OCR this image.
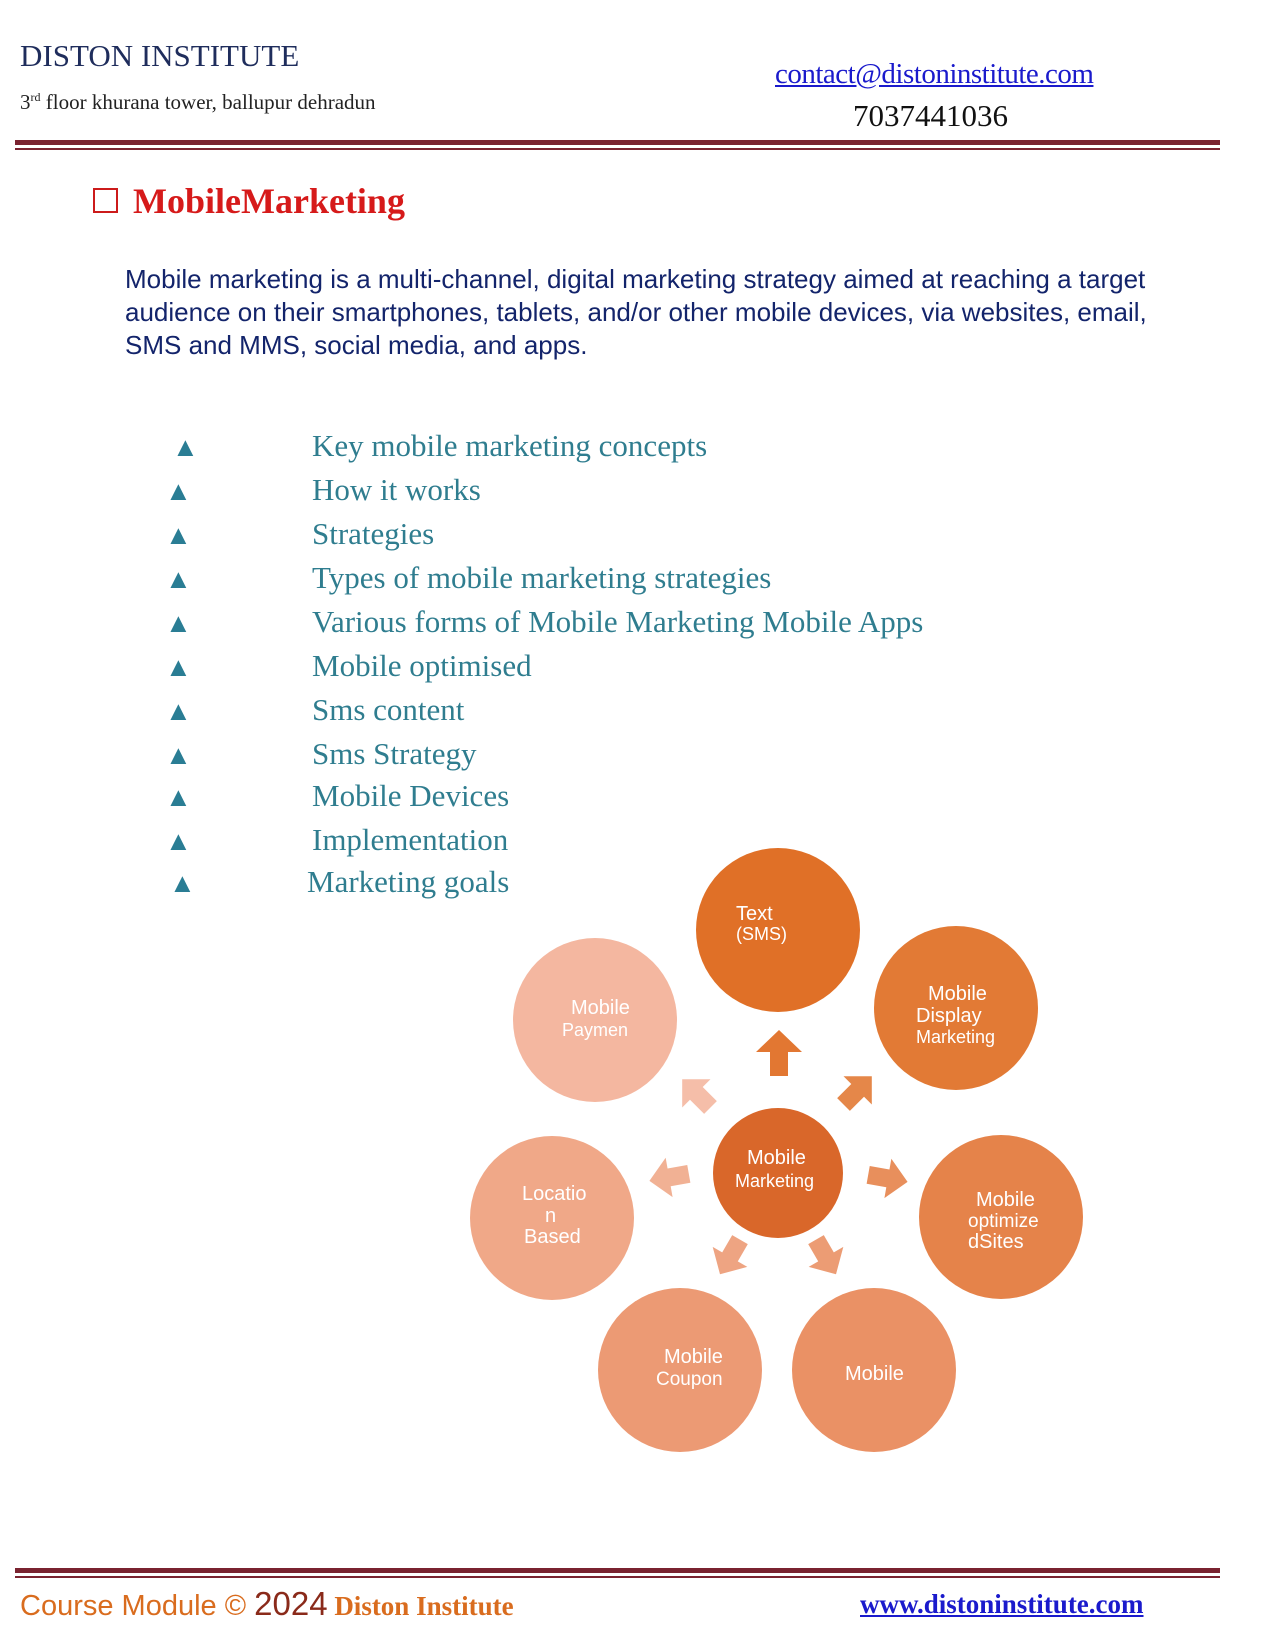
DISTON INSTITUTE
3rd floor khurana tower, ballupur dehradun
contact@distoninstitute.com
7037441036
MobileMarketing
Mobile marketing is a multi-channel, digital marketing strategy aimed at reaching a target audience on their smartphones, tablets, and/or other mobile devices, via websites, email, SMS and MMS, social media, and apps.
▲	Key mobile marketing concepts
▲	How it works
▲	Strategies
▲	Types of mobile marketing strategies
▲	Various forms of Mobile Marketing Mobile Apps
▲	Mobile optimised
▲	Sms content
▲	Sms Strategy
▲	Mobile Devices
▲	Implementation
▲	Marketing goals
Text
(SMS)
Mobile
Display
Marketing
Mobile
optimize
dSites
Mobile
Mobile
Coupon
Locatio
n
Based
Mobile
Paymen
Mobile
Marketing
Course Module © 2024 Diston Institute	www.distoninstitute.com
